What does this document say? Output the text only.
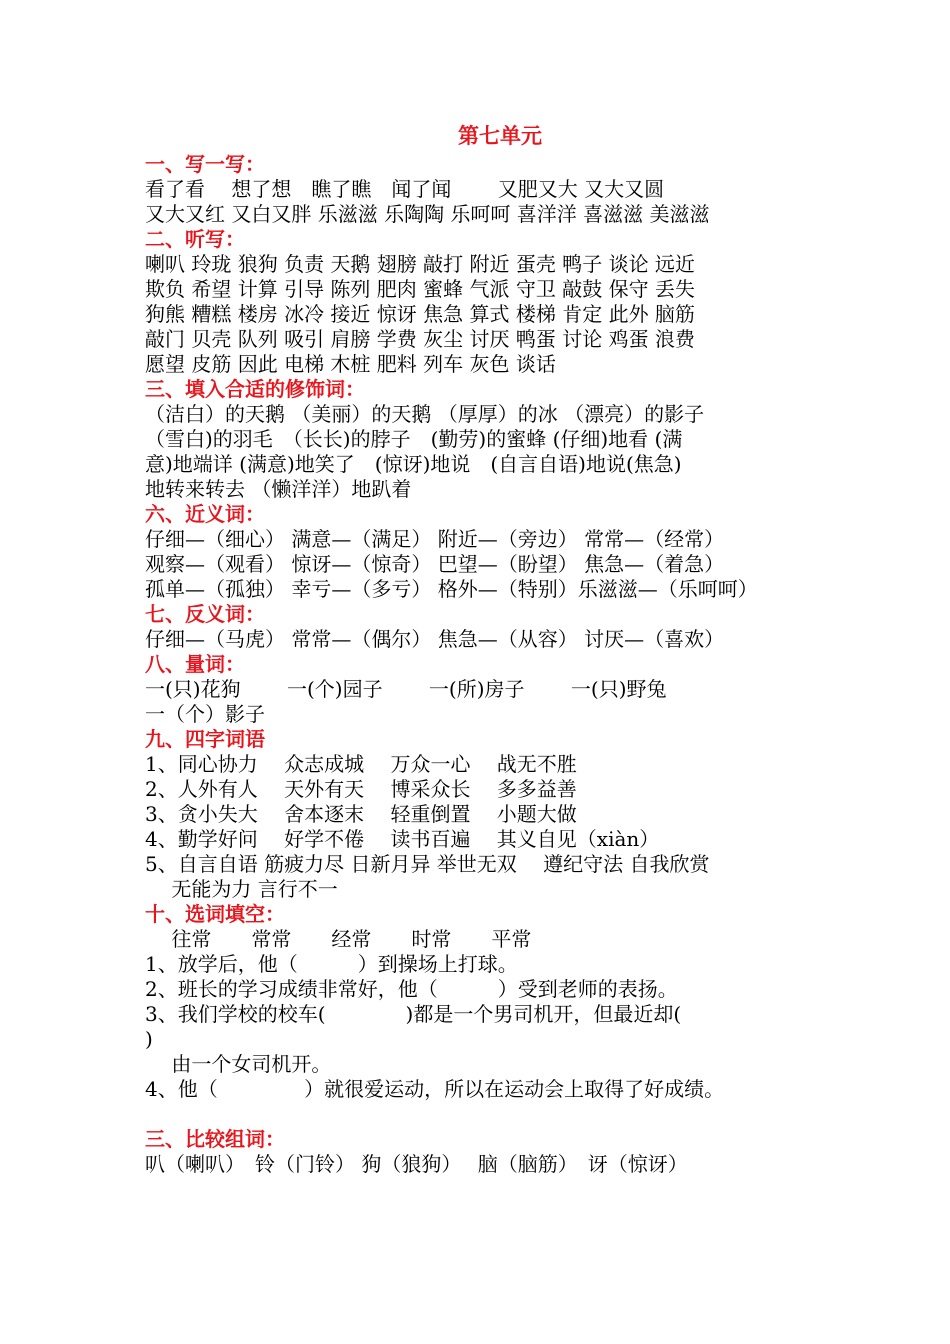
第七单元
一、写一写：
看了看　 想了想　瞧了瞧　闻了闻　　 又肥又大 又大又圆
又大又红 又白又胖 乐滋滋 乐陶陶 乐呵呵 喜洋洋 喜滋滋 美滋滋
二、听写：
喇叭 玲珑 狼狗 负责 天鹅 翅膀 敲打 附近 蛋壳 鸭子 谈论 远近
欺负 希望 计算 引导 陈列 肥肉 蜜蜂 气派 守卫 敲鼓 保守 丢失
狗熊 糟糕 楼房 冰冷 接近 惊讶 焦急 算式 楼梯 肯定 此外 脑筋
敲门 贝壳 队列 吸引 肩膀 学费 灰尘 讨厌 鸭蛋 讨论 鸡蛋 浪费
愿望 皮筋 因此 电梯 木桩 肥料 列车 灰色 谈话
三、填入合适的修饰词：
（洁白）的天鹅 （美丽）的天鹅 （厚厚）的冰 （漂亮）的影子
（雪白)的羽毛　（长长)的脖子　(勤劳)的蜜蜂 (仔细)地看 (满
意)地端详 (满意)地笑了　(惊讶)地说　(自言自语)地说(焦急)
地转来转去 （懒洋洋）地趴着
六、近义词：
仔细—（细心） 满意—（满足） 附近—（旁边） 常常—（经常）
观察—（观看） 惊讶—（惊奇） 巴望—（盼望） 焦急—（着急）
孤单—（孤独） 幸亏—（多亏） 格外—（特别）乐滋滋—（乐呵呵）
七、反义词：
仔细—（马虎） 常常—（偶尔） 焦急—（从容） 讨厌—（喜欢）
八、量词：
一(只)花狗　　 一(个)园子　　 一(所)房子　　 一(只)野兔
一（个）影子
九、四字词语
1、同心协力　 众志成城　 万众一心　 战无不胜
2、人外有人　 天外有天　 博采众长　 多多益善
3、贪小失大　 舍本逐末　 轻重倒置　 小题大做
4、勤学好问　 好学不倦　 读书百遍　 其义自见（xiàn）
5、自言自语 筋疲力尽 日新月异 举世无双　 遵纪守法 自我欣赏
　 无能为力 言行不一
十、选词填空：
　 往常　　常常　　经常　　时常　　平常
1、放学后，他（　　　）到操场上打球。
2、班长的学习成绩非常好，他（　　　）受到老师的表扬。
3、我们学校的校车(　　　　)都是一个男司机开，但最近却(
)
　 由一个女司机开。
4、他（　　　　 ）就很爱运动，所以在运动会上取得了好成绩。
三、比较组词：
叭（喇叭）　铃（门铃） 狗（狼狗）　 脑（脑筋）　讶（惊讶）
